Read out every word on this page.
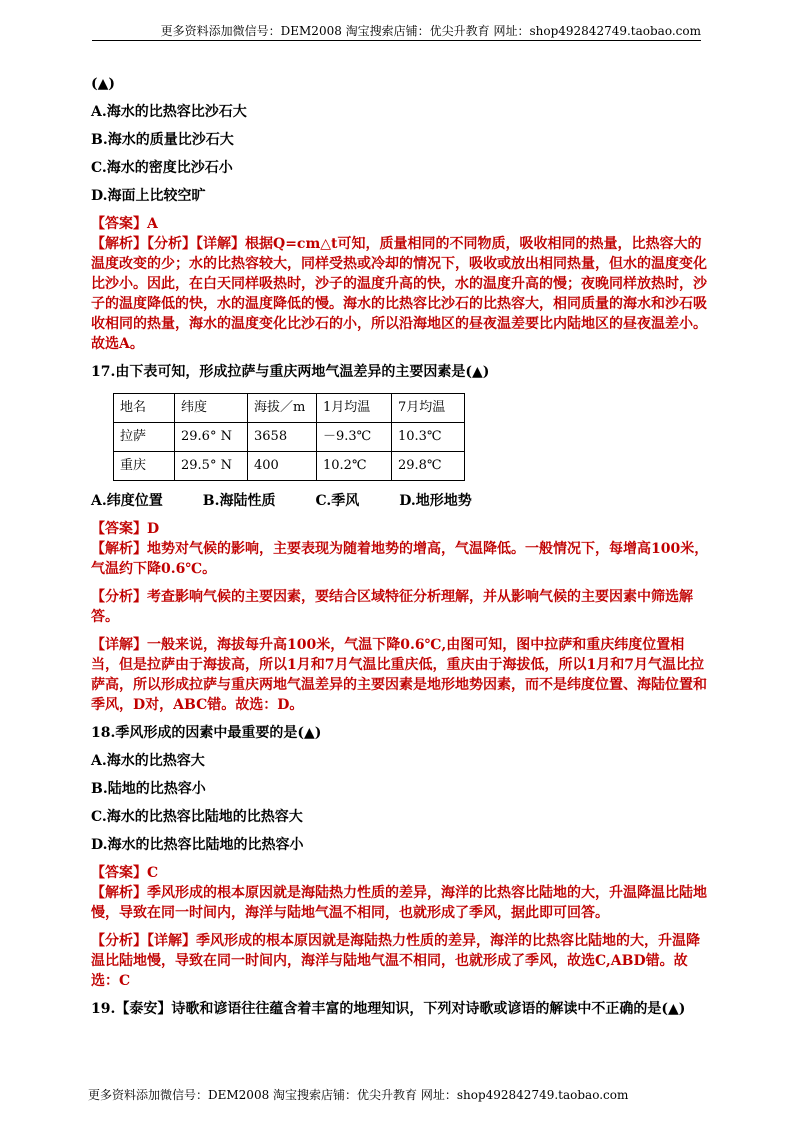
更多资料添加微信号：DEM2008 淘宝搜索店铺：优尖升教育 网址：shop492842749.taobao.com

(▲)

A.海水的比热容比沙石大

B.海水的质量比沙石大

C.海水的密度比沙石小

D.海面上比较空旷

【答案】A

【解析】【分析】【详解】根据Q=cm△t可知，质量相同的不同物质，吸收相同的热量，比热容大的温度改变的少；水的比热容较大，同样受热或冷却的情况下，吸收或放出相同热量，但水的温度变化比沙小。因此，在白天同样吸热时，沙子的温度升高的快，水的温度升高的慢；夜晚同样放热时，沙子的温度降低的快，水的温度降低的慢。海水的比热容比沙石的比热容大，相同质量的海水和沙石吸收相同的热量，海水的温度变化比沙石的小，所以沿海地区的昼夜温差要比内陆地区的昼夜温差小。故选A。

17.由下表可知，形成拉萨与重庆两地气温差异的主要因素是(▲)

地名	纬度	海拔／m	1月均温	7月均温
拉萨	29.6° N	3658	－9.3℃	10.3℃
重庆	29.5° N	400	10.2℃	29.8℃
A.纬度位置	B.海陆性质	C.季风	D.地形地势

【答案】D

【解析】地势对气候的影响，主要表现为随着地势的增高，气温降低。一般情况下，每增高100米，气温约下降0.6℃。

【分析】考查影响气候的主要因素，要结合区域特征分析理解，并从影响气候的主要因素中筛选解答。

【详解】一般来说，海拔每升高100米，气温下降0.6℃,由图可知，图中拉萨和重庆纬度位置相当，但是拉萨由于海拔高，所以1月和7月气温比重庆低，重庆由于海拔低，所以1月和7月气温比拉萨高，所以形成拉萨与重庆两地气温差异的主要因素是地形地势因素，而不是纬度位置、海陆位置和季风，D对，ABC错。故选：D。

18.季风形成的因素中最重要的是(▲)

A.海水的比热容大

B.陆地的比热容小

C.海水的比热容比陆地的比热容大

D.海水的比热容比陆地的比热容小

【答案】C

【解析】季风形成的根本原因就是海陆热力性质的差异，海洋的比热容比陆地的大，升温降温比陆地慢，导致在同一时间内，海洋与陆地气温不相同，也就形成了季风，据此即可回答。

【分析】【详解】季风形成的根本原因就是海陆热力性质的差异，海洋的比热容比陆地的大，升温降温比陆地慢，导致在同一时间内，海洋与陆地气温不相同，也就形成了季风，故选C,ABD错。故选：C

19.【泰安】诗歌和谚语往往蕴含着丰富的地理知识，下列对诗歌或谚语的解读中不正确的是(▲)

更多资料添加微信号：DEM2008 淘宝搜索店铺：优尖升教育 网址：shop492842749.taobao.com
